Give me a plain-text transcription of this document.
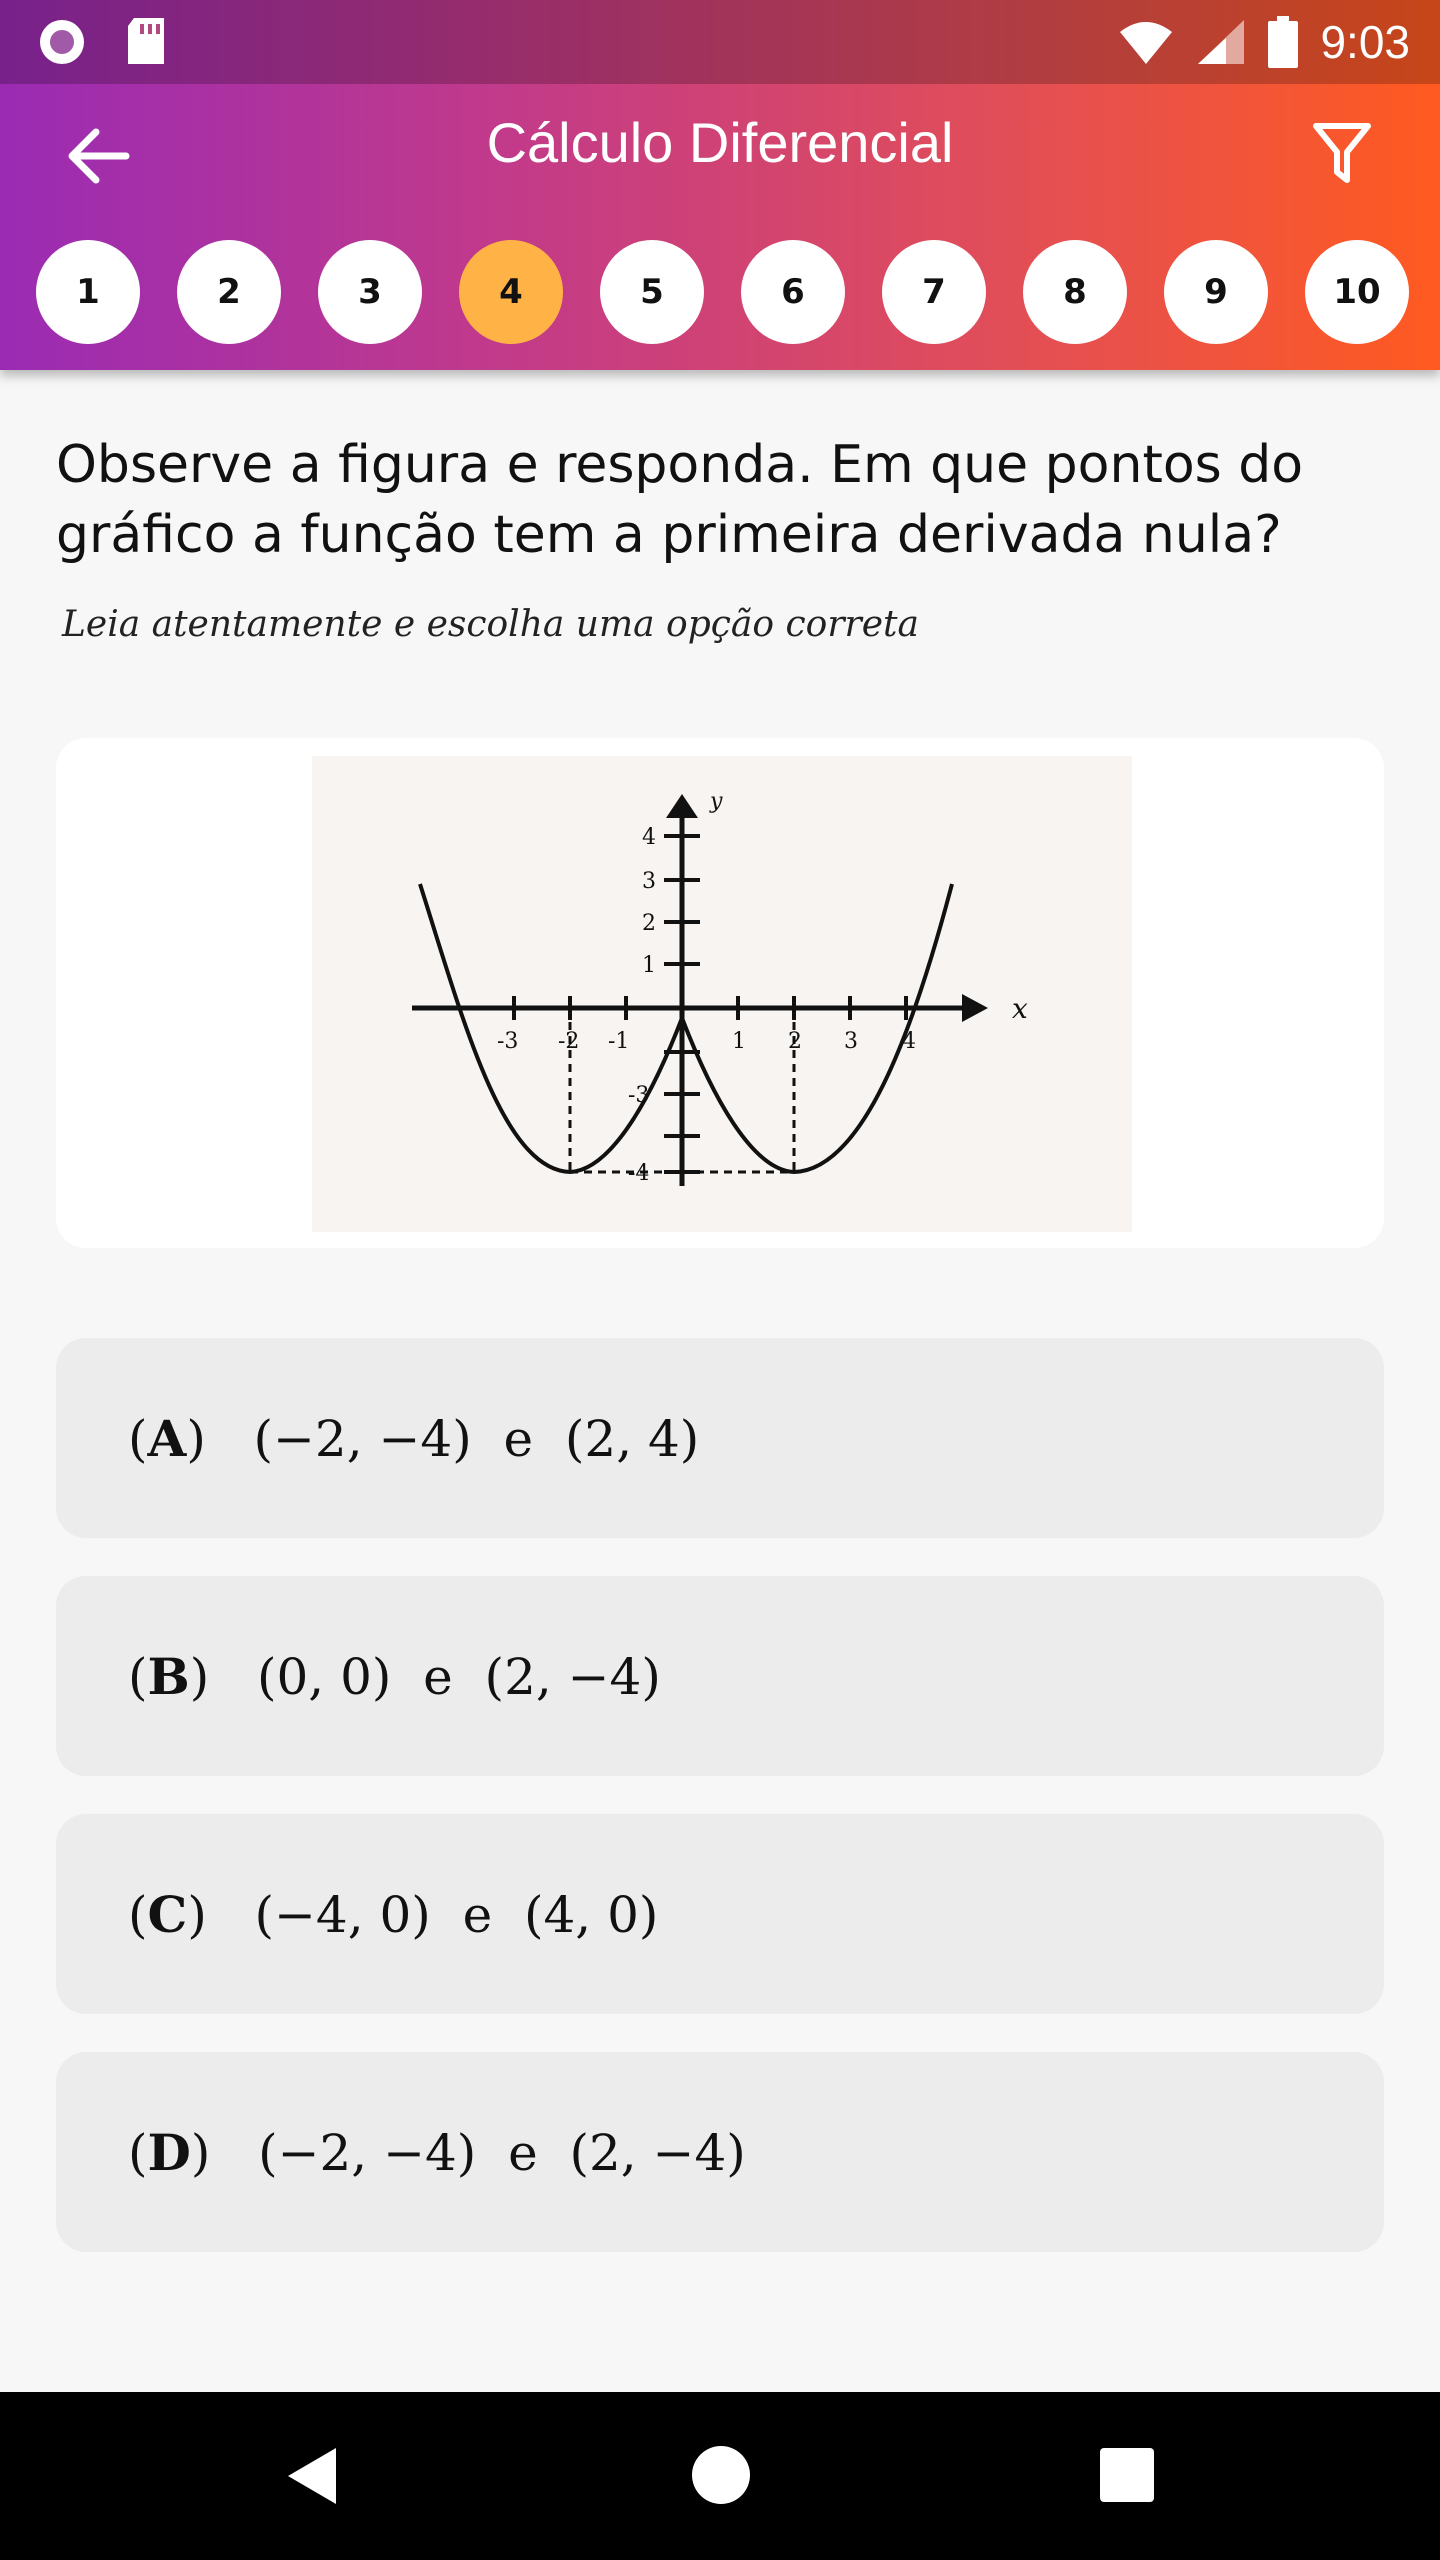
9:03
Cálculo Diferencial
1	2	3	4	5	6	7	8	9	10
Observe a figura e responda. Em que pontos do gráfico a função tem a primeira derivada nula?
Leia atentamente e escolha uma opção correta
-3 -2 -1	1 2 3 4
4
3
2
1
-3
-4
y
x
(A)   (−2, −4)  e  (2, 4)
(B)   (0, 0)  e  (2, −4)
(C)   (−4, 0)  e  (4, 0)
(D)   (−2, −4)  e  (2, −4)
